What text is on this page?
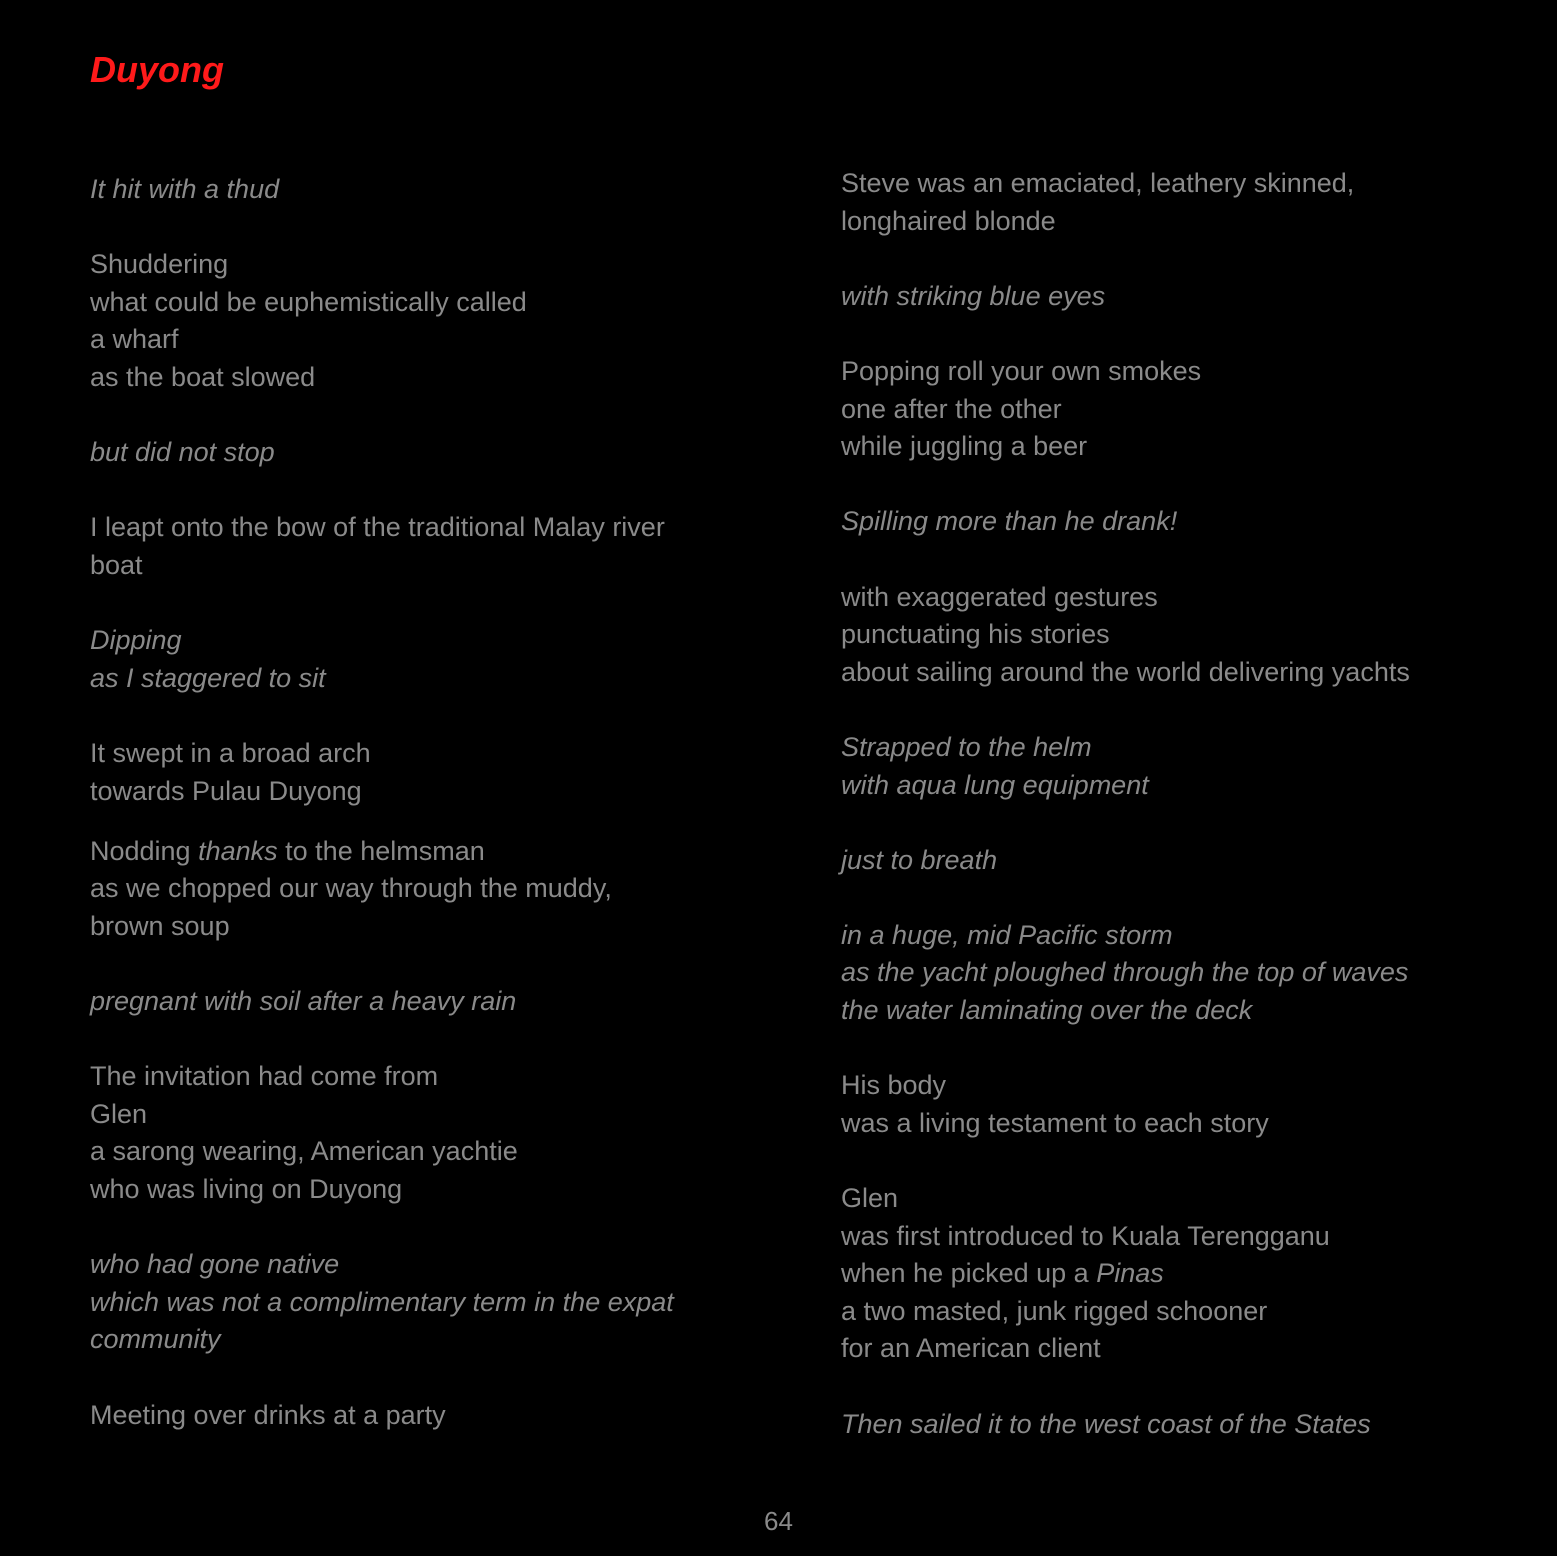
Duyong
It hit with a thud
Shuddering
what could be euphemistically called
a wharf
as the boat slowed
but did not stop
I leapt onto the bow of the traditional Malay river
boat
Dipping
as I staggered to sit
It swept in a broad arch
towards Pulau Duyong
Nodding thanks to the helmsman
as we chopped our way through the muddy,
brown soup
pregnant with soil after a heavy rain
The invitation had come from
Glen
a sarong wearing, American yachtie
who was living on Duyong
who had gone native
which was not a complimentary term in the expat
community
Meeting over drinks at a party
Steve was an emaciated, leathery skinned,
longhaired blonde
with striking blue eyes
Popping roll your own smokes
one after the other
while juggling a beer
Spilling more than he drank!
with exaggerated gestures
punctuating his stories
about sailing around the world delivering yachts
Strapped to the helm
with aqua lung equipment
just to breath
in a huge, mid Pacific storm
as the yacht ploughed through the top of waves
the water laminating over the deck
His body
was a living testament to each story
Glen
was first introduced to Kuala Terengganu
when he picked up a Pinas
a two masted, junk rigged schooner
for an American client
Then sailed it to the west coast of the States
64
